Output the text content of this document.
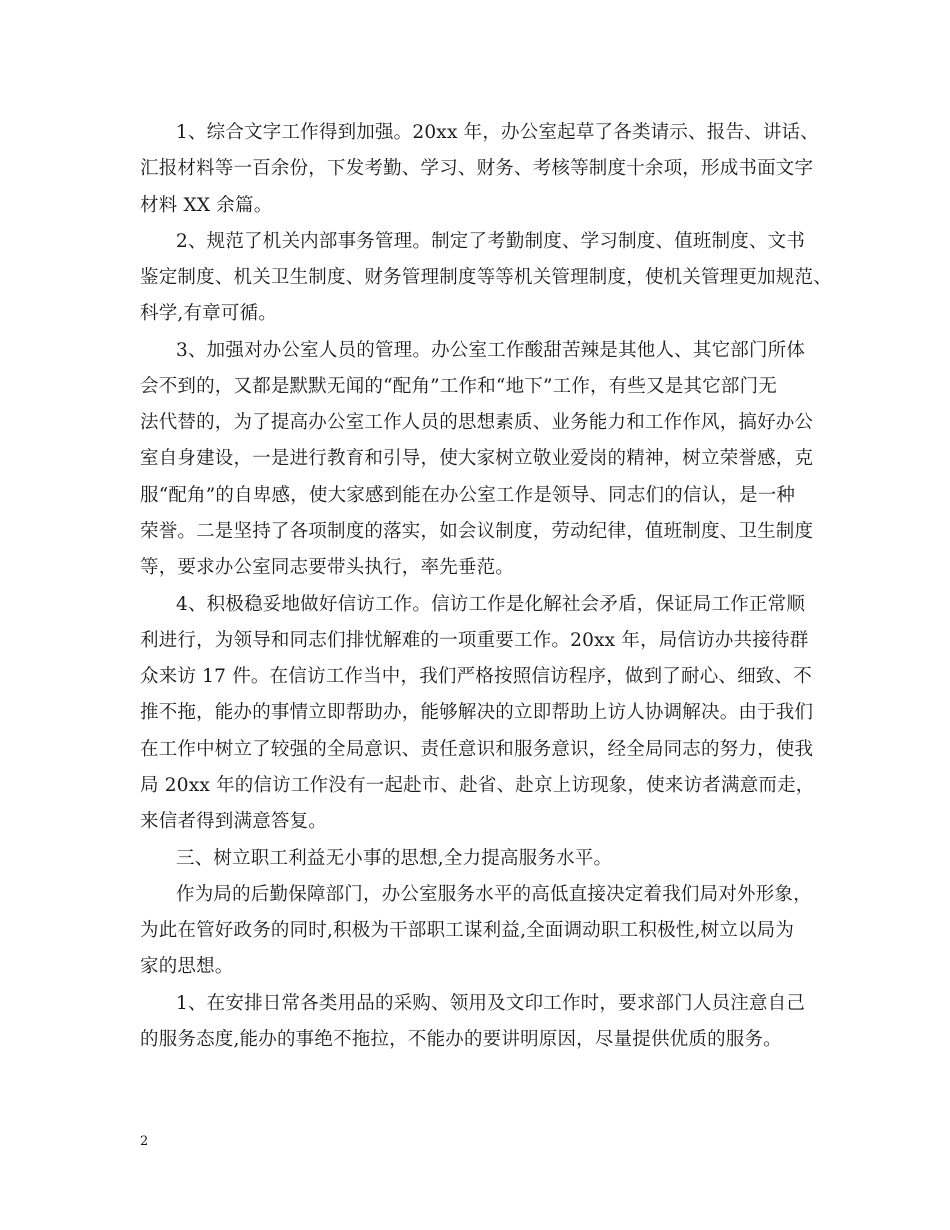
1、综合文字工作得到加强。20xx 年，办公室起草了各类请示、报告、讲话、
汇报材料等一百余份，下发考勤、学习、财务、考核等制度十余项，形成书面文字
材料 XX 余篇。
2、规范了机关内部事务管理。制定了考勤制度、学习制度、值班制度、文书
鉴定制度、机关卫生制度、财务管理制度等等机关管理制度，使机关管理更加规范、
科学,有章可循。
3、加强对办公室人员的管理。办公室工作酸甜苦辣是其他人、其它部门所体
会不到的，又都是默默无闻的“配角”工作和“地下”工作，有些又是其它部门无
法代替的，为了提高办公室工作人员的思想素质、业务能力和工作作风，搞好办公
室自身建设，一是进行教育和引导，使大家树立敬业爱岗的精神，树立荣誉感，克
服“配角”的自卑感，使大家感到能在办公室工作是领导、同志们的信认，是一种
荣誉。二是坚持了各项制度的落实，如会议制度，劳动纪律，值班制度、卫生制度
等，要求办公室同志要带头执行，率先垂范。
4、积极稳妥地做好信访工作。信访工作是化解社会矛盾，保证局工作正常顺
利进行，为领导和同志们排忧解难的一项重要工作。20xx 年，局信访办共接待群
众来访 17 件。在信访工作当中，我们严格按照信访程序，做到了耐心、细致、不
推不拖，能办的事情立即帮助办，能够解决的立即帮助上访人协调解决。由于我们
在工作中树立了较强的全局意识、责任意识和服务意识，经全局同志的努力，使我
局 20xx 年的信访工作没有一起赴市、赴省、赴京上访现象，使来访者满意而走，
来信者得到满意答复。
三、树立职工利益无小事的思想,全力提高服务水平。
作为局的后勤保障部门，办公室服务水平的高低直接决定着我们局对外形象，
为此在管好政务的同时,积极为干部职工谋利益,全面调动职工积极性,树立以局为
家的思想。
1、在安排日常各类用品的采购、领用及文印工作时，要求部门人员注意自己
的服务态度,能办的事绝不拖拉，不能办的要讲明原因，尽量提供优质的服务。
2
